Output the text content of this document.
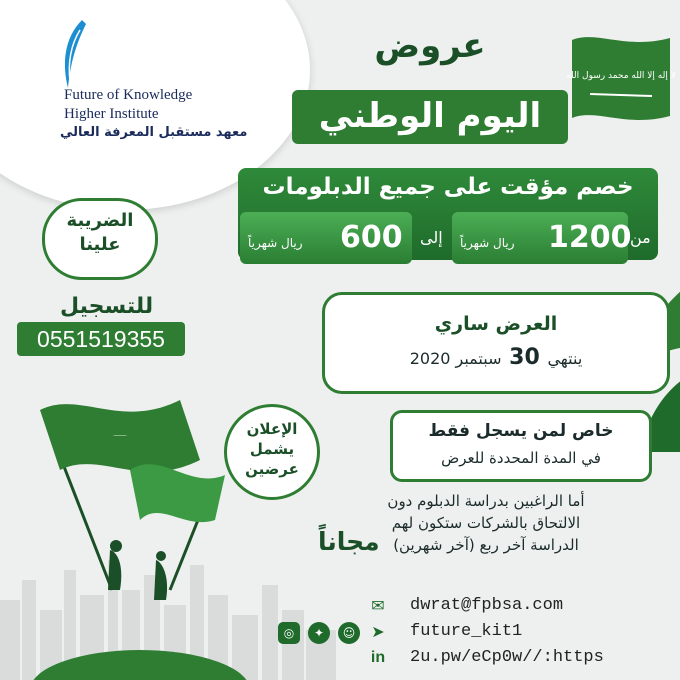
Future of Knowledge
Higher Institute
معهد مستقبل المعرفة العالي
لا إله إلا الله محمد رسول الله
عروض
اليوم الوطني
خصم مؤقت على جميع الدبلومات
من
1200
ريال شهرياً
إلى
600
ريال شهرياً
الضريبة
علينا
للتسجيل
0551519355
العرض ساري
ينتهي 30 سبتمبر 2020
⸺	الإعلان
يشمل
عرضين
خاص لمن يسجل فقط
في المدة المحددة للعرض
أما الراغبين بدراسة الدبلوم دون
الالتحاق بالشركات ستكون لهم
الدراسة آخر ربع (آخر شهرين)
مجاناً
✉ dwrat@fpbsa.com
➤ future_kit1
in 2u.pw/eCp0w//:https
☺
✦
◎
